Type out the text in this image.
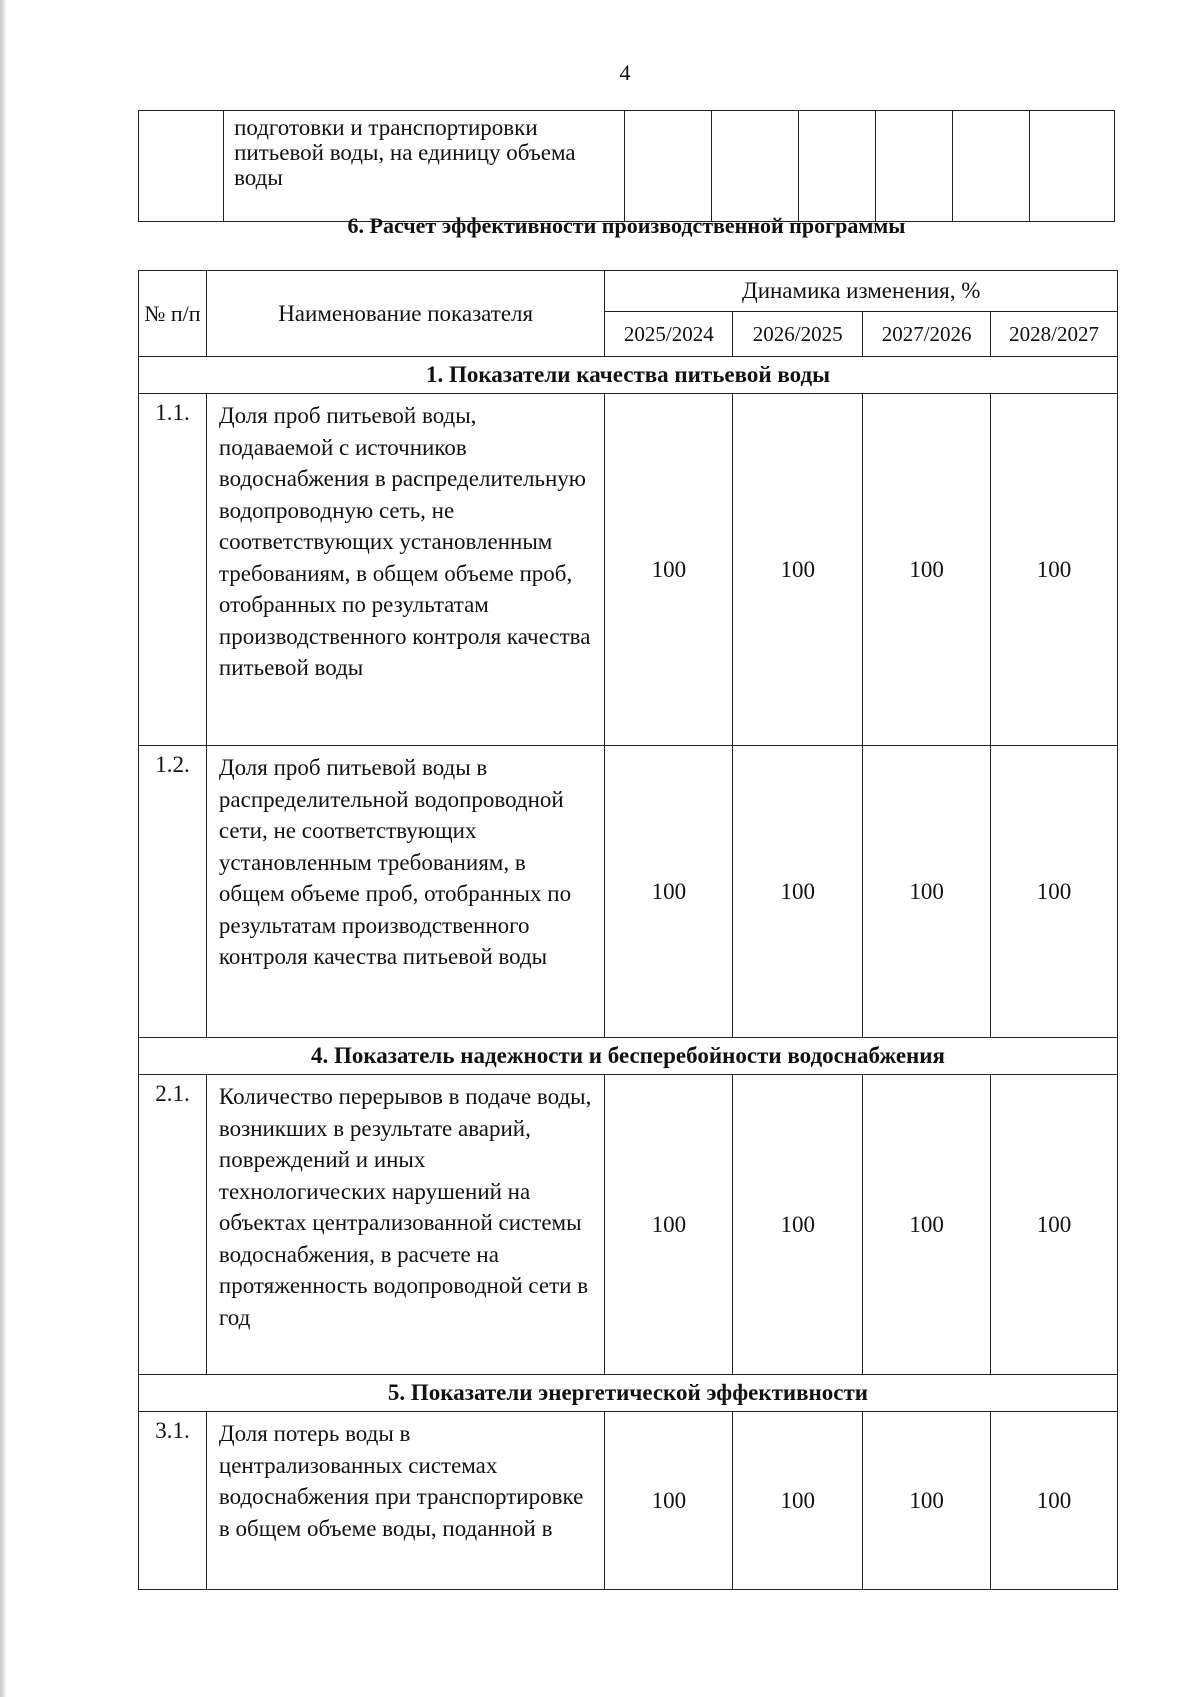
4
	подготовки и транспортировки питьевой воды, на единицу объема воды						
6. Расчет эффективности производственной программы
№ п/п	Наименование показателя	Динамика изменения, %			
		2025/2024	2026/2025	2027/2026	2028/2027
1. Показатели качества питьевой воды					
1.1.	Доля проб питьевой воды, подаваемой с источников водоснабжения в распределительную водопроводную сеть, не соответствующих установленным требованиям, в общем объеме проб, отобранных по результатам производственного контроля качества питьевой воды	100	100	100	100
1.2.	Доля проб питьевой воды в распределительной водопроводной сети, не соответствующих установленным требованиям, в общем объеме проб, отобранных по результатам производственного контроля качества питьевой воды	100	100	100	100
4. Показатель надежности и бесперебойности водоснабжения					
2.1.	Количество перерывов в подаче воды, возникших в результате аварий, повреждений и иных технологических нарушений на объектах централизованной системы водоснабжения, в расчете на протяженность водопроводной сети в год	100	100	100	100
5. Показатели энергетической эффективности					
3.1.	Доля потерь воды в централизованных системах водоснабжения при транспортировке в общем объеме воды, поданной в	100	100	100	100
